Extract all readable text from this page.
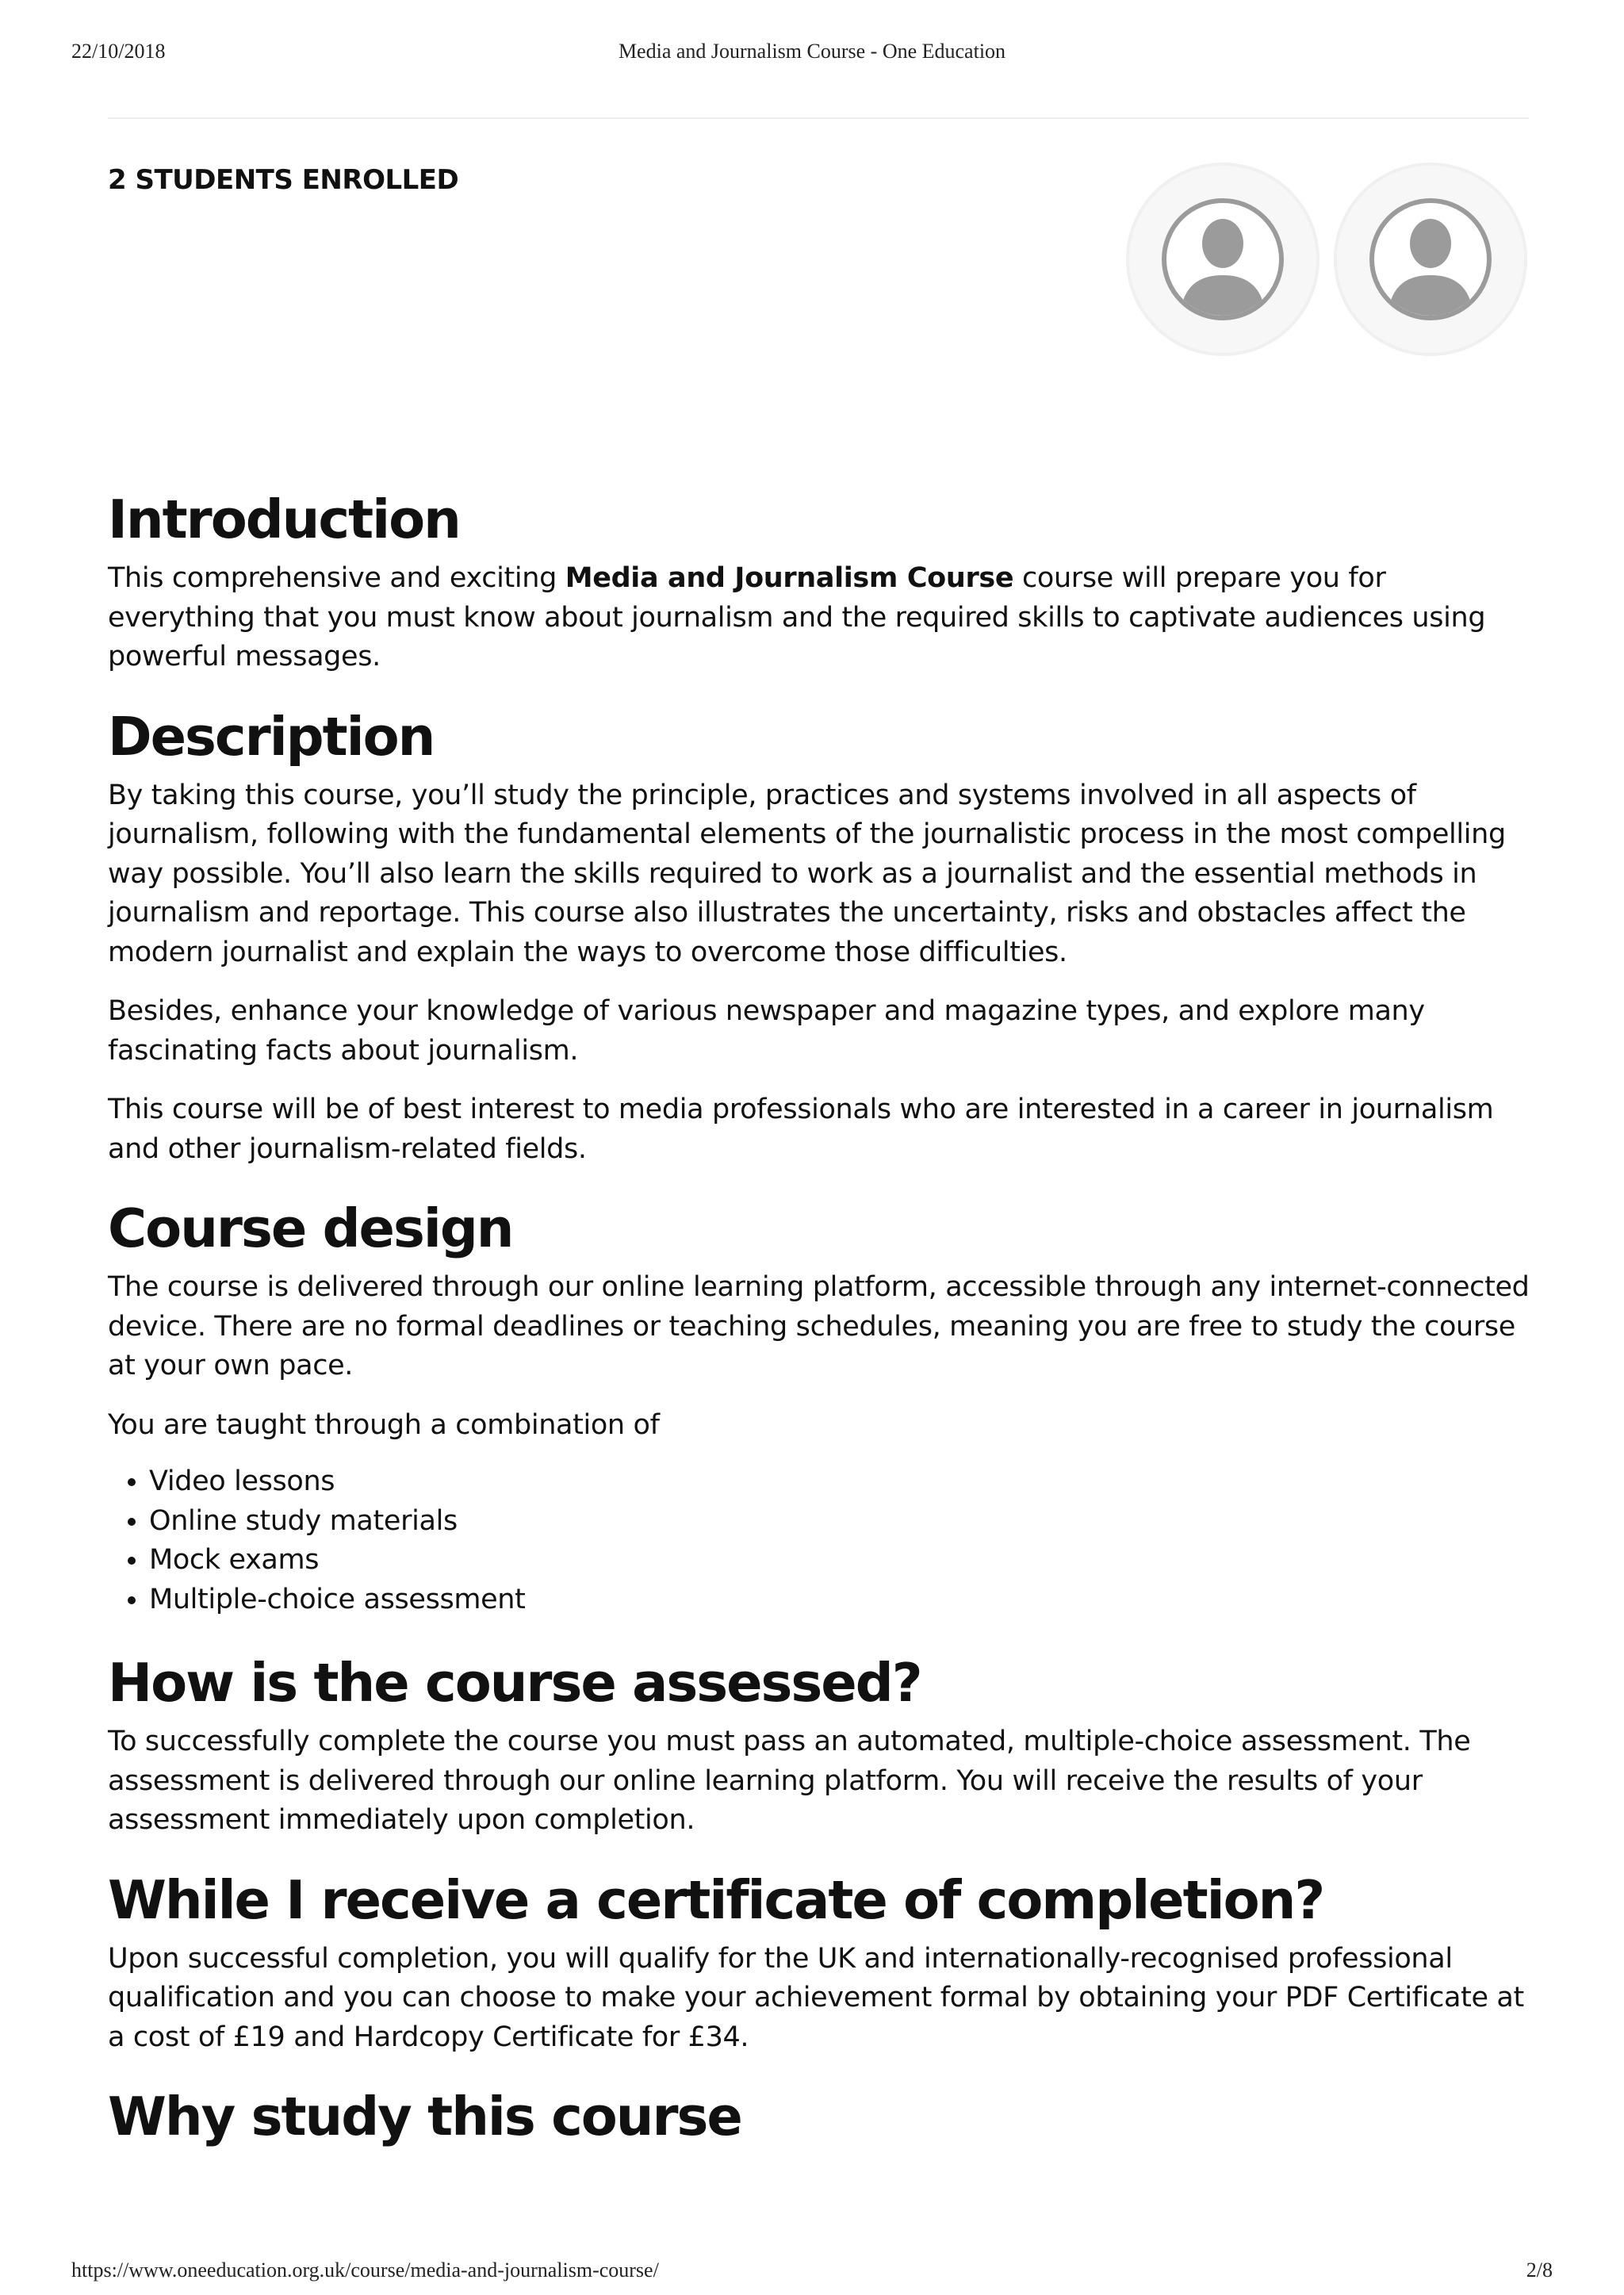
22/10/2018	Media and Journalism Course - One Education
2 STUDENTS ENROLLED
Introduction

This comprehensive and exciting Media and Journalism Course course will prepare you for everything that you must know about journalism and the required skills to captivate audiences using powerful messages.

Description

By taking this course, you’ll study the principle, practices and systems involved in all aspects of journalism, following with the fundamental elements of the journalistic process in the most compelling way possible. You’ll also learn the skills required to work as a journalist and the essential methods in journalism and reportage. This course also illustrates the uncertainty, risks and obstacles affect the modern journalist and explain the ways to overcome those difficulties.

Besides, enhance your knowledge of various newspaper and magazine types, and explore many fascinating facts about journalism.

This course will be of best interest to media professionals who are interested in a career in journalism and other journalism-related fields.

Course design

The course is delivered through our online learning platform, accessible through any internet-connected device. There are no formal deadlines or teaching schedules, meaning you are free to study the course at your own pace.

You are taught through a combination of

• Video lessons
• Online study materials
• Mock exams
• Multiple-choice assessment
How is the course assessed?

To successfully complete the course you must pass an automated, multiple-choice assessment. The assessment is delivered through our online learning platform. You will receive the results of your assessment immediately upon completion.

While I receive a certificate of completion?

Upon successful completion, you will qualify for the UK and internationally-recognised professional qualification and you can choose to make your achievement formal by obtaining your PDF Certificate at a cost of £19 and Hardcopy Certificate for £34.

Why study this course
https://www.oneeducation.org.uk/course/media-and-journalism-course/	2/8
